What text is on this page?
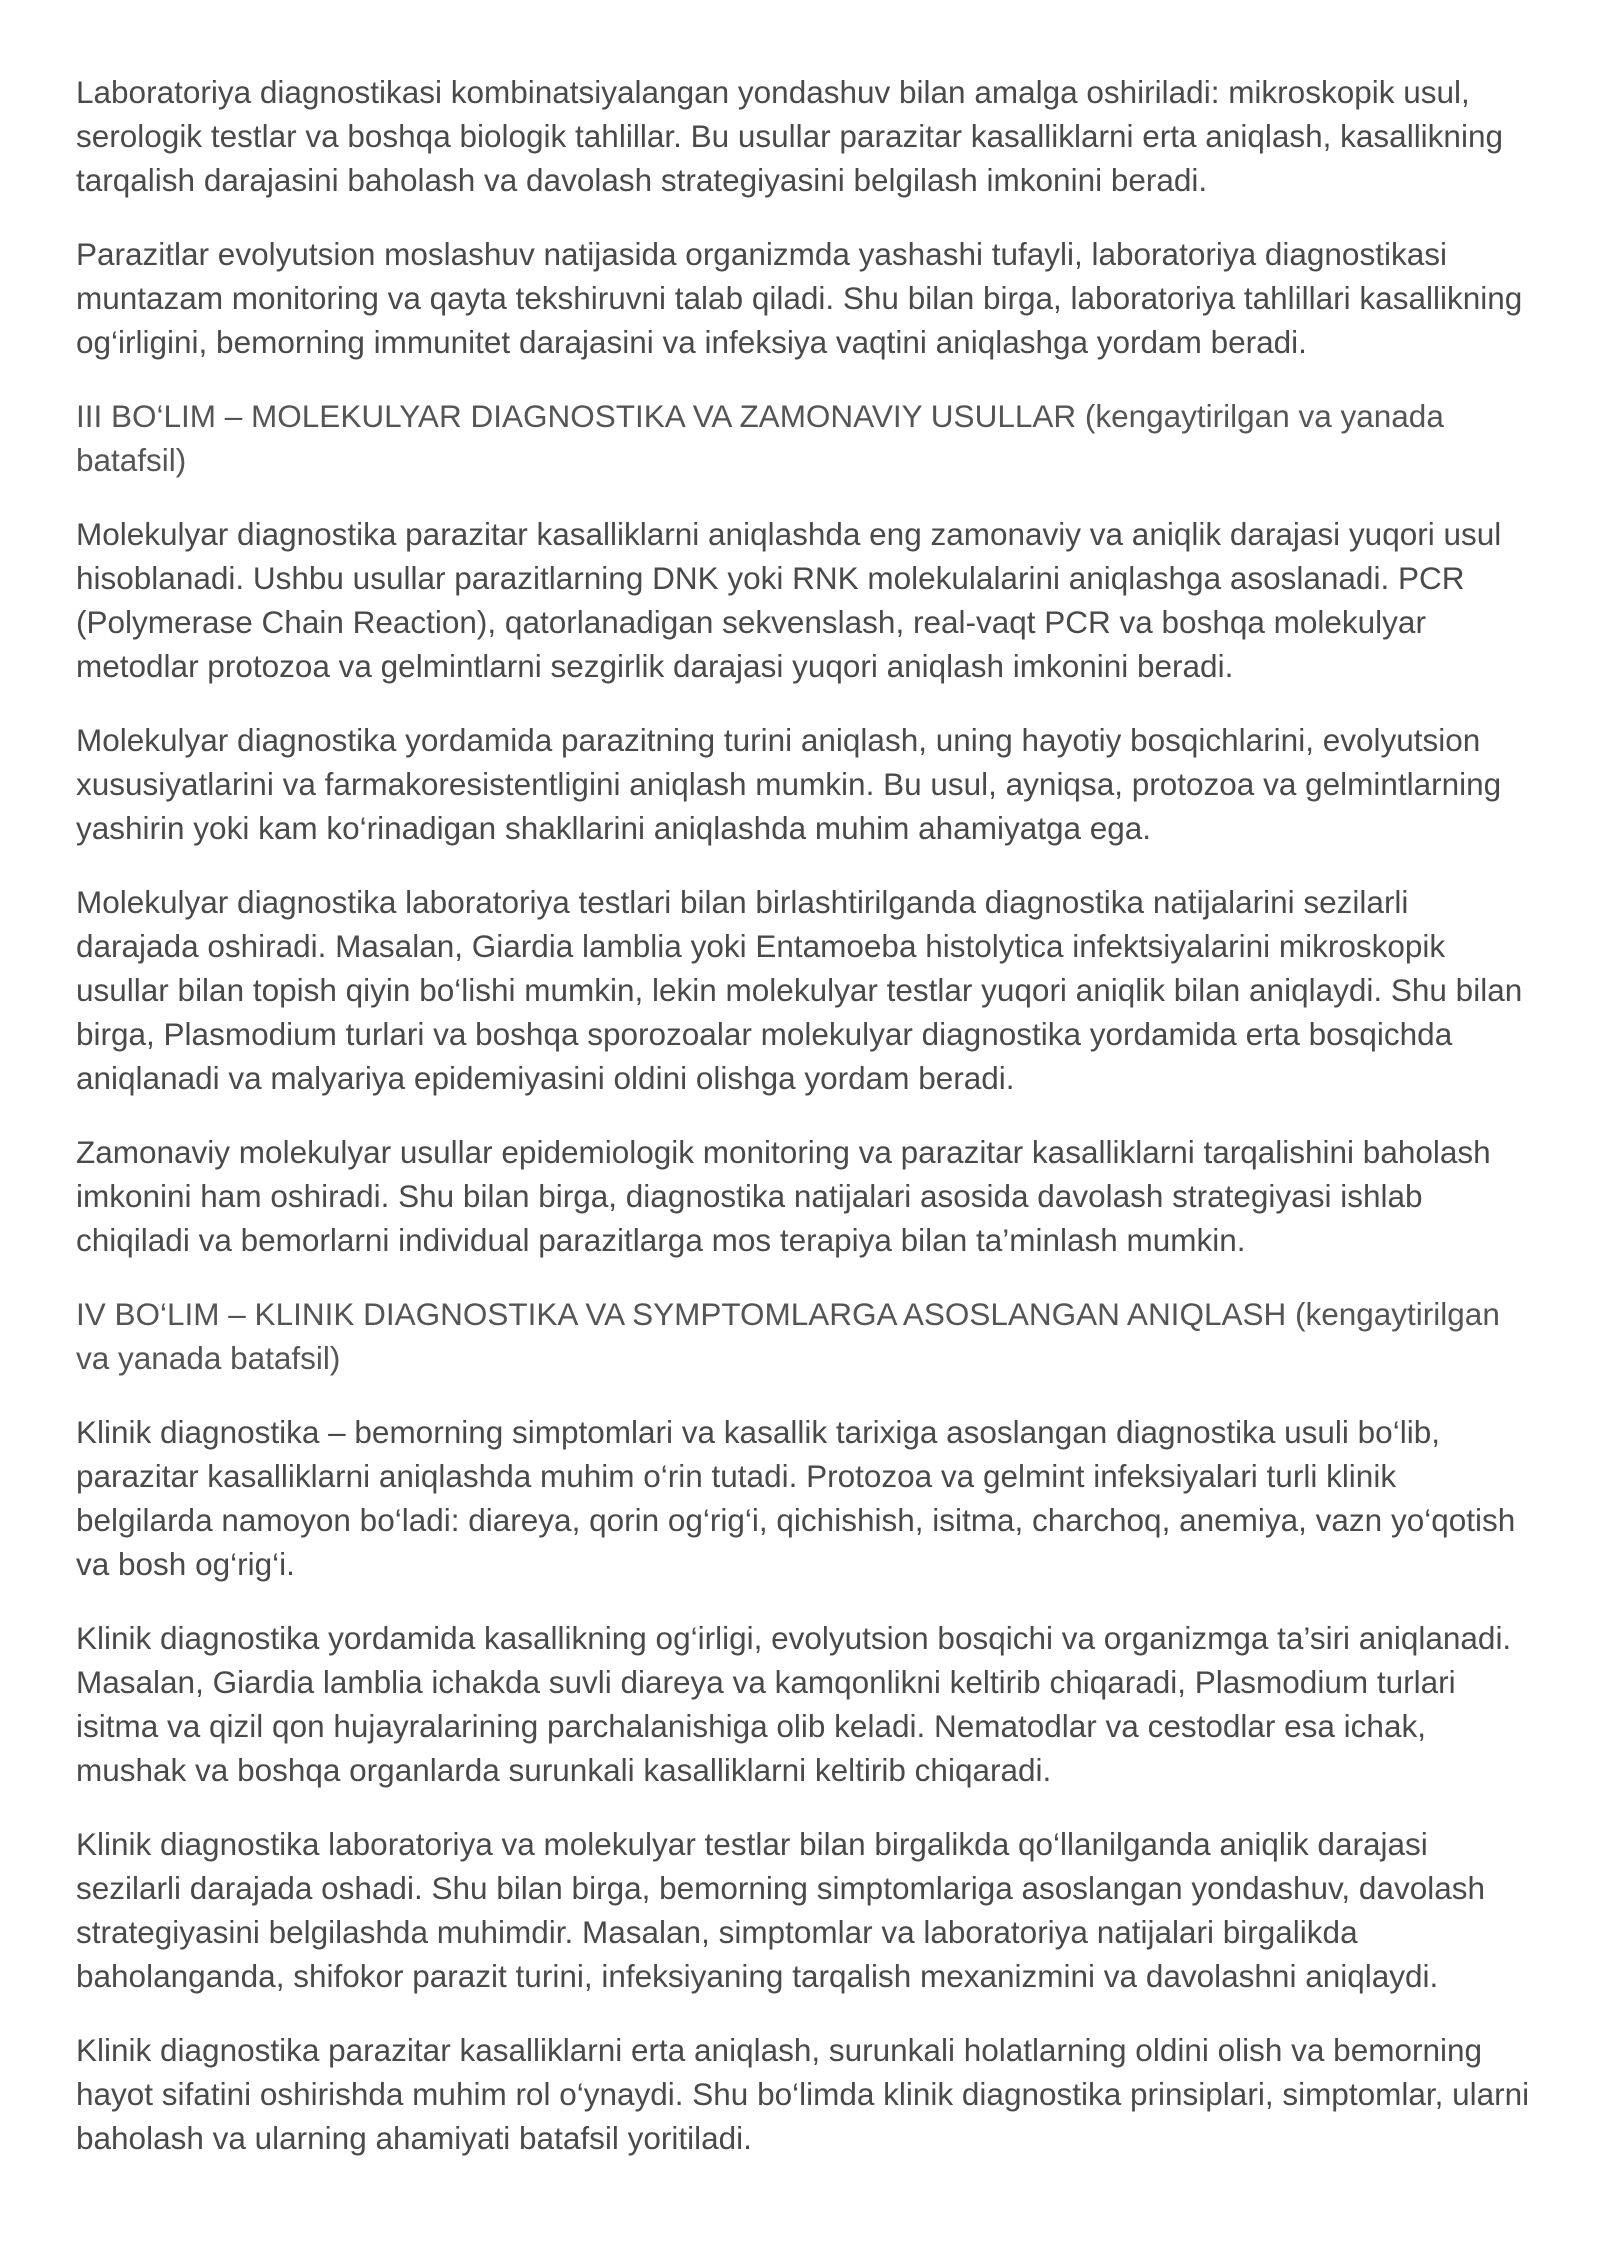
Laboratoriya diagnostikasi kombinatsiyalangan yondashuv bilan amalga oshiriladi: mikroskopik usul, serologik testlar va boshqa biologik tahlillar. Bu usullar parazitar kasalliklarni erta aniqlash, kasallikning tarqalish darajasini baholash va davolash strategiyasini belgilash imkonini beradi.

Parazitlar evolyutsion moslashuv natijasida organizmda yashashi tufayli, laboratoriya diagnostikasi muntazam monitoring va qayta tekshiruvni talab qiladi. Shu bilan birga, laboratoriya tahlillari kasallikning og‘irligini, bemorning immunitet darajasini va infeksiya vaqtini aniqlashga yordam beradi.

III BO‘LIM – MOLEKULYAR DIAGNOSTIKA VA ZAMONAVIY USULLAR (kengaytirilgan va yanada batafsil)

Molekulyar diagnostika parazitar kasalliklarni aniqlashda eng zamonaviy va aniqlik darajasi yuqori usul hisoblanadi. Ushbu usullar parazitlarning DNK yoki RNK molekulalarini aniqlashga asoslanadi. PCR (Polymerase Chain Reaction), qatorlanadigan sekvenslash, real-vaqt PCR va boshqa molekulyar metodlar protozoa va gelmintlarni sezgirlik darajasi yuqori aniqlash imkonini beradi.

Molekulyar diagnostika yordamida parazitning turini aniqlash, uning hayotiy bosqichlarini, evolyutsion xususiyatlarini va farmakoresistentligini aniqlash mumkin. Bu usul, ayniqsa, protozoa va gelmintlarning yashirin yoki kam ko‘rinadigan shakllarini aniqlashda muhim ahamiyatga ega.

Molekulyar diagnostika laboratoriya testlari bilan birlashtirilganda diagnostika natijalarini sezilarli darajada oshiradi. Masalan, Giardia lamblia yoki Entamoeba histolytica infektsiyalarini mikroskopik usullar bilan topish qiyin bo‘lishi mumkin, lekin molekulyar testlar yuqori aniqlik bilan aniqlaydi. Shu bilan birga, Plasmodium turlari va boshqa sporozoalar molekulyar diagnostika yordamida erta bosqichda aniqlanadi va malyariya epidemiyasini oldini olishga yordam beradi.

Zamonaviy molekulyar usullar epidemiologik monitoring va parazitar kasalliklarni tarqalishini baholash imkonini ham oshiradi. Shu bilan birga, diagnostika natijalari asosida davolash strategiyasi ishlab chiqiladi va bemorlarni individual parazitlarga mos terapiya bilan ta’minlash mumkin.

IV BO‘LIM – KLINIK DIAGNOSTIKA VA SYMPTOMLARGA ASOSLANGAN ANIQLASH (kengaytirilgan va yanada batafsil)

Klinik diagnostika – bemorning simptomlari va kasallik tarixiga asoslangan diagnostika usuli bo‘lib, parazitar kasalliklarni aniqlashda muhim o‘rin tutadi. Protozoa va gelmint infeksiyalari turli klinik belgilarda namoyon bo‘ladi: diareya, qorin og‘rig‘i, qichishish, isitma, charchoq, anemiya, vazn yo‘qotish va bosh og‘rig‘i.

Klinik diagnostika yordamida kasallikning og‘irligi, evolyutsion bosqichi va organizmga ta’siri aniqlanadi. Masalan, Giardia lamblia ichakda suvli diareya va kamqonlikni keltirib chiqaradi, Plasmodium turlari isitma va qizil qon hujayralarining parchalanishiga olib keladi. Nematodlar va cestodlar esa ichak, mushak va boshqa organlarda surunkali kasalliklarni keltirib chiqaradi.

Klinik diagnostika laboratoriya va molekulyar testlar bilan birgalikda qo‘llanilganda aniqlik darajasi sezilarli darajada oshadi. Shu bilan birga, bemorning simptomlariga asoslangan yondashuv, davolash strategiyasini belgilashda muhimdir. Masalan, simptomlar va laboratoriya natijalari birgalikda baholanganda, shifokor parazit turini, infeksiyaning tarqalish mexanizmini va davolashni aniqlaydi.

Klinik diagnostika parazitar kasalliklarni erta aniqlash, surunkali holatlarning oldini olish va bemorning hayot sifatini oshirishda muhim rol o‘ynaydi. Shu bo‘limda klinik diagnostika prinsiplari, simptomlar, ularni baholash va ularning ahamiyati batafsil yoritiladi.
